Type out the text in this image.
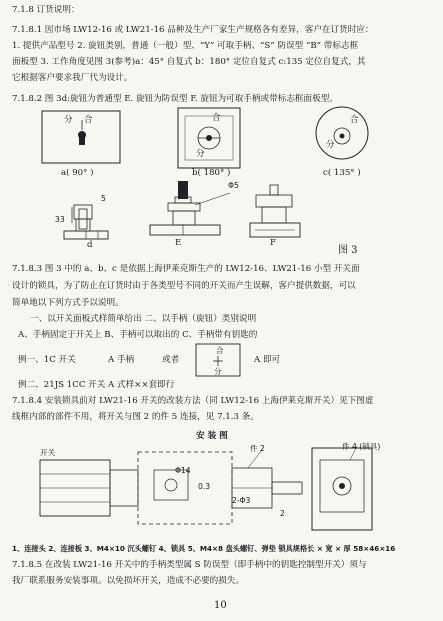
7.1.8 订货说明：
7.1.8.1 因市场 LW12-16 或 LW21-16 品种及生产厂家生产规格各有差异，客户在订货时应：
1. 提供产品型号 2. 旋钮类别，普通（一般）型、“Y” 可取手柄、“S” 防误型 “B” 带标志框
面板型 3. 工作角度见图 3(参考)a：45° 自复式 b：180° 定位自复式 c:135 定位自复式，其
它根据客户要求我厂代为设计。
7.1.8.2 图 3d:旋钮为普通型 E. 旋钮为防误型 F. 旋钮为可取手柄或带标志框面板型。
分 合	合
分
分
合
a( 90° )	b( 180° )	c( 135° )
Φ5
5
33
d	E	F
图 3
7.1.8.3 图 3 中的 a、b、c 是依据上海伊莱克斯生产的 LW12-16、LW21-16 小型 开关面
设计的锁具，为了防止在订货时由于各类型号不同的开关而产生误解，客户提供数据，可以
简单地以下列方式予以说明。
一、以开关面板式样简单给出 二、以手柄（旋钮）类别说明
A、手柄固定于开关上 B、手柄可以取出的 C、手柄带有钥匙的
例一、1C 开关	A 手柄	或者
合
分
A 即可
例二、21JS 1CC 开关 A 式样××套即行
7.1.8.4 安装锁具前对 LW21-16 开关的改装方法（同 LW12-16 上海伊莱克斯开关）见下图虚
线框内部的部件不用，将开关与图 2 的件 5 连接，见 7.1.3 条。
安 装 图
开关	件 2	件 4 (锁具)
Φ14
0.3
2-Φ3
2
1、连接头 2、连接板 3、M4×10 沉头螺钉 4、锁具 5、M4×8 盘头螺钉、弹垫 锁具规格长 × 宽 × 厚 58×46×16
7.1.8.5 在改装 LW21-16 开关中的手柄类型属 S 防误型（即手柄中的钥匙控制型开关）须与
我厂联系服务安装事项。以免损坏开关，造成不必要的损失。
10
